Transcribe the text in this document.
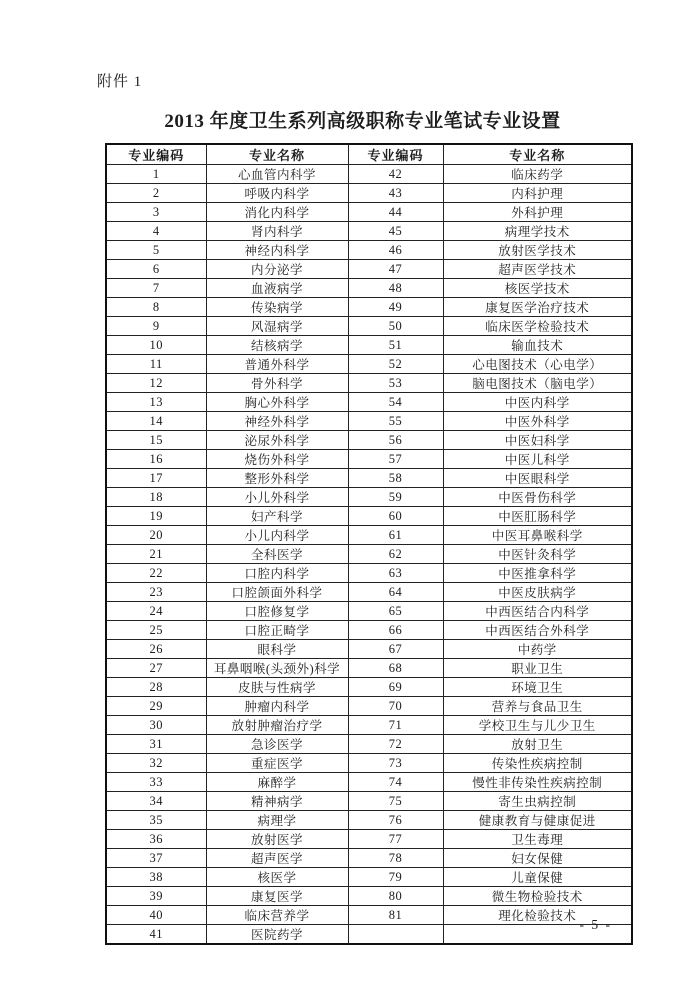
附件 1
2013 年度卫生系列高级职称专业笔试专业设置
专业编码	专业名称	专业编码	专业名称
1	心血管内科学	42	临床药学
2	呼吸内科学	43	内科护理
3	消化内科学	44	外科护理
4	肾内科学	45	病理学技术
5	神经内科学	46	放射医学技术
6	内分泌学	47	超声医学技术
7	血液病学	48	核医学技术
8	传染病学	49	康复医学治疗技术
9	风湿病学	50	临床医学检验技术
10	结核病学	51	输血技术
11	普通外科学	52	心电图技术（心电学）
12	骨外科学	53	脑电图技术（脑电学）
13	胸心外科学	54	中医内科学
14	神经外科学	55	中医外科学
15	泌尿外科学	56	中医妇科学
16	烧伤外科学	57	中医儿科学
17	整形外科学	58	中医眼科学
18	小儿外科学	59	中医骨伤科学
19	妇产科学	60	中医肛肠科学
20	小儿内科学	61	中医耳鼻喉科学
21	全科医学	62	中医针灸科学
22	口腔内科学	63	中医推拿科学
23	口腔颌面外科学	64	中医皮肤病学
24	口腔修复学	65	中西医结合内科学
25	口腔正畸学	66	中西医结合外科学
26	眼科学	67	中药学
27	耳鼻咽喉(头颈外)科学	68	职业卫生
28	皮肤与性病学	69	环境卫生
29	肿瘤内科学	70	营养与食品卫生
30	放射肿瘤治疗学	71	学校卫生与儿少卫生
31	急诊医学	72	放射卫生
32	重症医学	73	传染性疾病控制
33	麻醉学	74	慢性非传染性疾病控制
34	精神病学	75	寄生虫病控制
35	病理学	76	健康教育与健康促进
36	放射医学	77	卫生毒理
37	超声医学	78	妇女保健
38	核医学	79	儿童保健
39	康复医学	80	微生物检验技术
40	临床营养学	81	理化检验技术
41	医院药学		
- 5 -
